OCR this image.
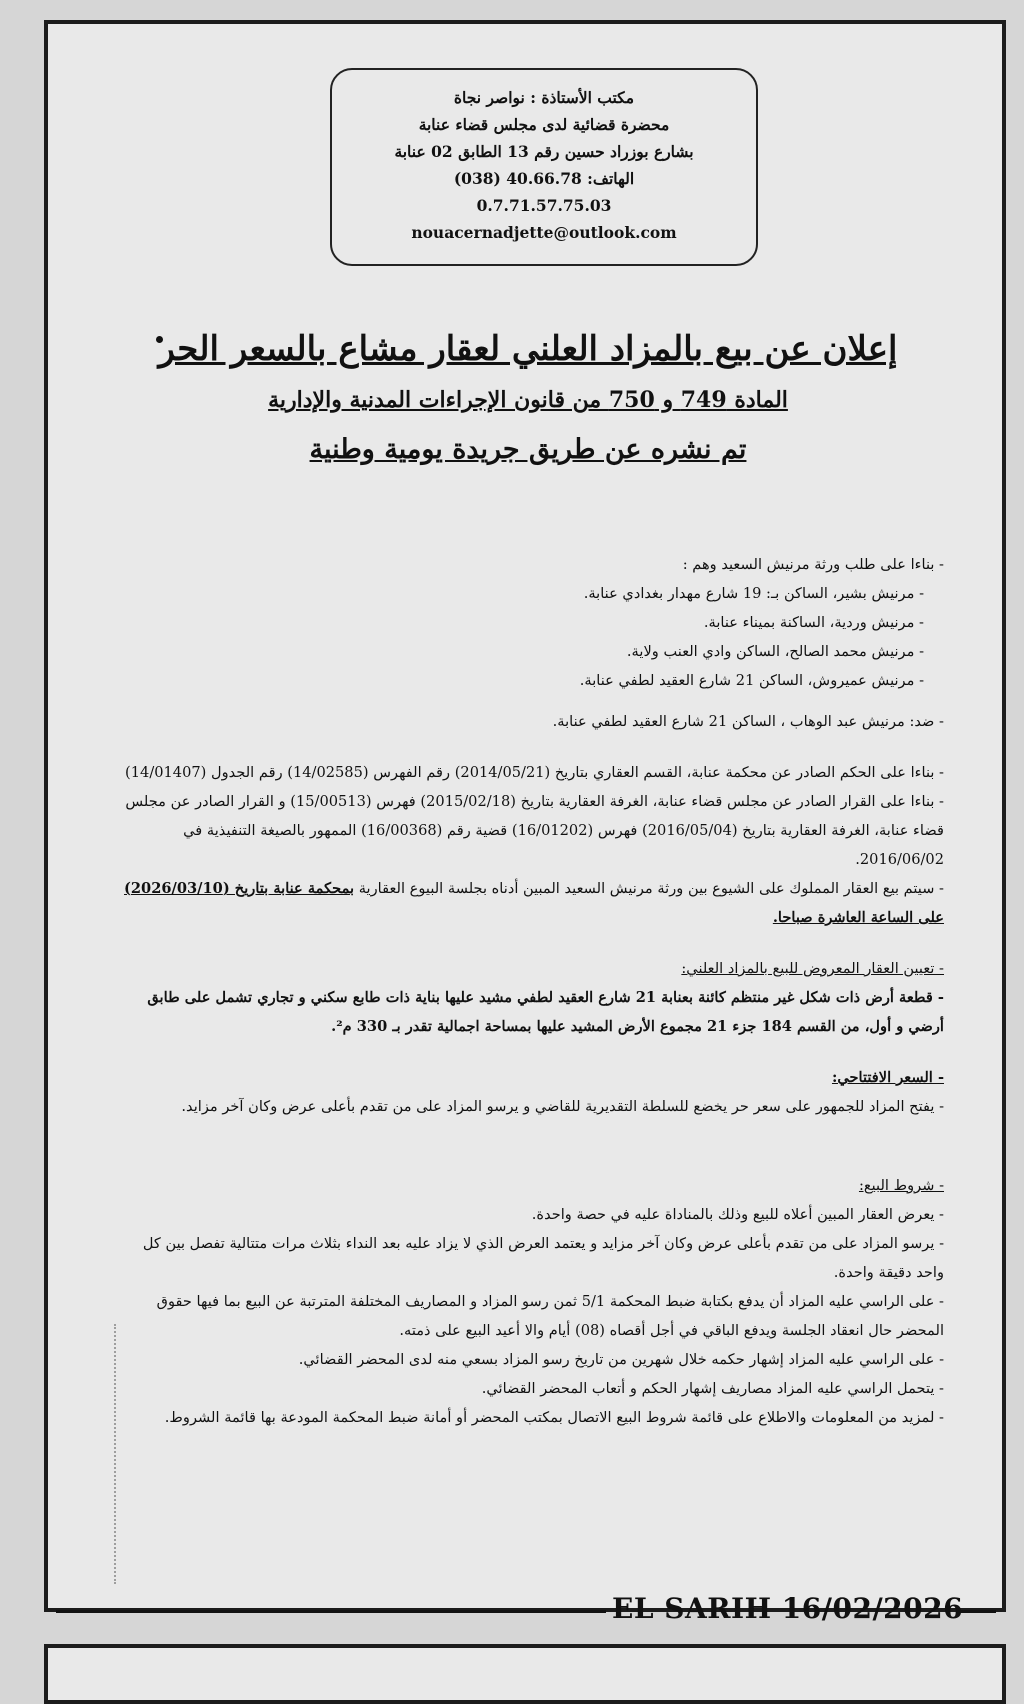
مكتب الأستاذة : نواصر نجاة
محضرة قضائية لدى مجلس قضاء عنابة
بشارع بوزراد حسين رقم 13 الطابق 02 عنابة
الهاتف: 40.66.78 (038)
0.7.71.57.75.03
nouacernadjette@outlook.com
إعلان عن بيع بالمزاد العلني لعقار مشاع بالسعر الحر
المادة 749 و 750 من قانون الإجراءات المدنية والإدارية
تم نشره عن طريق جريدة يومية وطنية

- بناءا على طلب ورثة مرنيش السعيد وهم :

- مرنيش بشير، الساكن بـ: 19 شارع مهدار بغدادي عنابة.

- مرنيش وردية، الساكنة بميناء عنابة.

- مرنيش محمد الصالح، الساكن وادي العنب ولاية.

- مرنيش عميروش، الساكن 21 شارع العقيد لطفي عنابة.

- ضد: مرنيش عبد الوهاب ، الساكن 21 شارع العقيد لطفي عنابة.

- بناءا على الحكم الصادر عن محكمة عنابة، القسم العقاري بتاريخ (2014/05/21) رقم الفهرس (14/02585) رقم الجدول (14/01407)

- بناءا على القرار الصادر عن مجلس قضاء عنابة، الغرفة العقارية بتاريخ (2015/02/18) فهرس (15/00513) و القرار الصادر عن مجلس قضاء عنابة، الغرفة العقارية بتاريخ (2016/05/04) فهرس (16/01202) قضية رقم (16/00368) الممهور بالصيغة التنفيذية في 2016/06/02.

- سيتم بيع العقار المملوك على الشيوع بين ورثة مرنيش السعيد المبين أدناه بجلسة البيوع العقارية بمحكمة عنابة بتاريخ (2026/03/10) على الساعة العاشرة صباحا.

- تعيين العقار المعروض للبيع بالمزاد العلني:

- قطعة أرض ذات شكل غير منتظم كائنة بعنابة 21 شارع العقيد لطفي مشيد عليها بناية ذات طابع سكني و تجاري تشمل على طابق أرضي و أول، من القسم 184 جزء 21 مجموع الأرض المشيد عليها بمساحة اجمالية تقدر بـ 330 م².

- السعر الافتتاحي:

- يفتح المزاد للجمهور على سعر حر يخضع للسلطة التقديرية للقاضي و يرسو المزاد على من تقدم بأعلى عرض وكان آخر مزايد.

- شروط البيع:

- يعرض العقار المبين أعلاه للبيع وذلك بالمناداة عليه في حصة واحدة.

- يرسو المزاد على من تقدم بأعلى عرض وكان آخر مزايد و يعتمد العرض الذي لا يزاد عليه بعد النداء بثلاث مرات متتالية تفصل بين كل واحد دقيقة واحدة.

- على الراسي عليه المزاد أن يدفع بكتابة ضبط المحكمة 5/1 ثمن رسو المزاد و المصاريف المختلفة المترتبة عن البيع بما فيها حقوق المحضر حال انعقاد الجلسة ويدفع الباقي في أجل أقصاه (08) أيام والا أعيد البيع على ذمته.

- على الراسي عليه المزاد إشهار حكمه خلال شهرين من تاريخ رسو المزاد بسعي منه لدى المحضر القضائي.

- يتحمل الراسي عليه المزاد مصاريف إشهار الحكم و أتعاب المحضر القضائي.

- لمزيد من المعلومات والاطلاع على قائمة شروط البيع الاتصال بمكتب المحضر أو أمانة ضبط المحكمة المودعة بها قائمة الشروط.

EL SARIH 16/02/2026
